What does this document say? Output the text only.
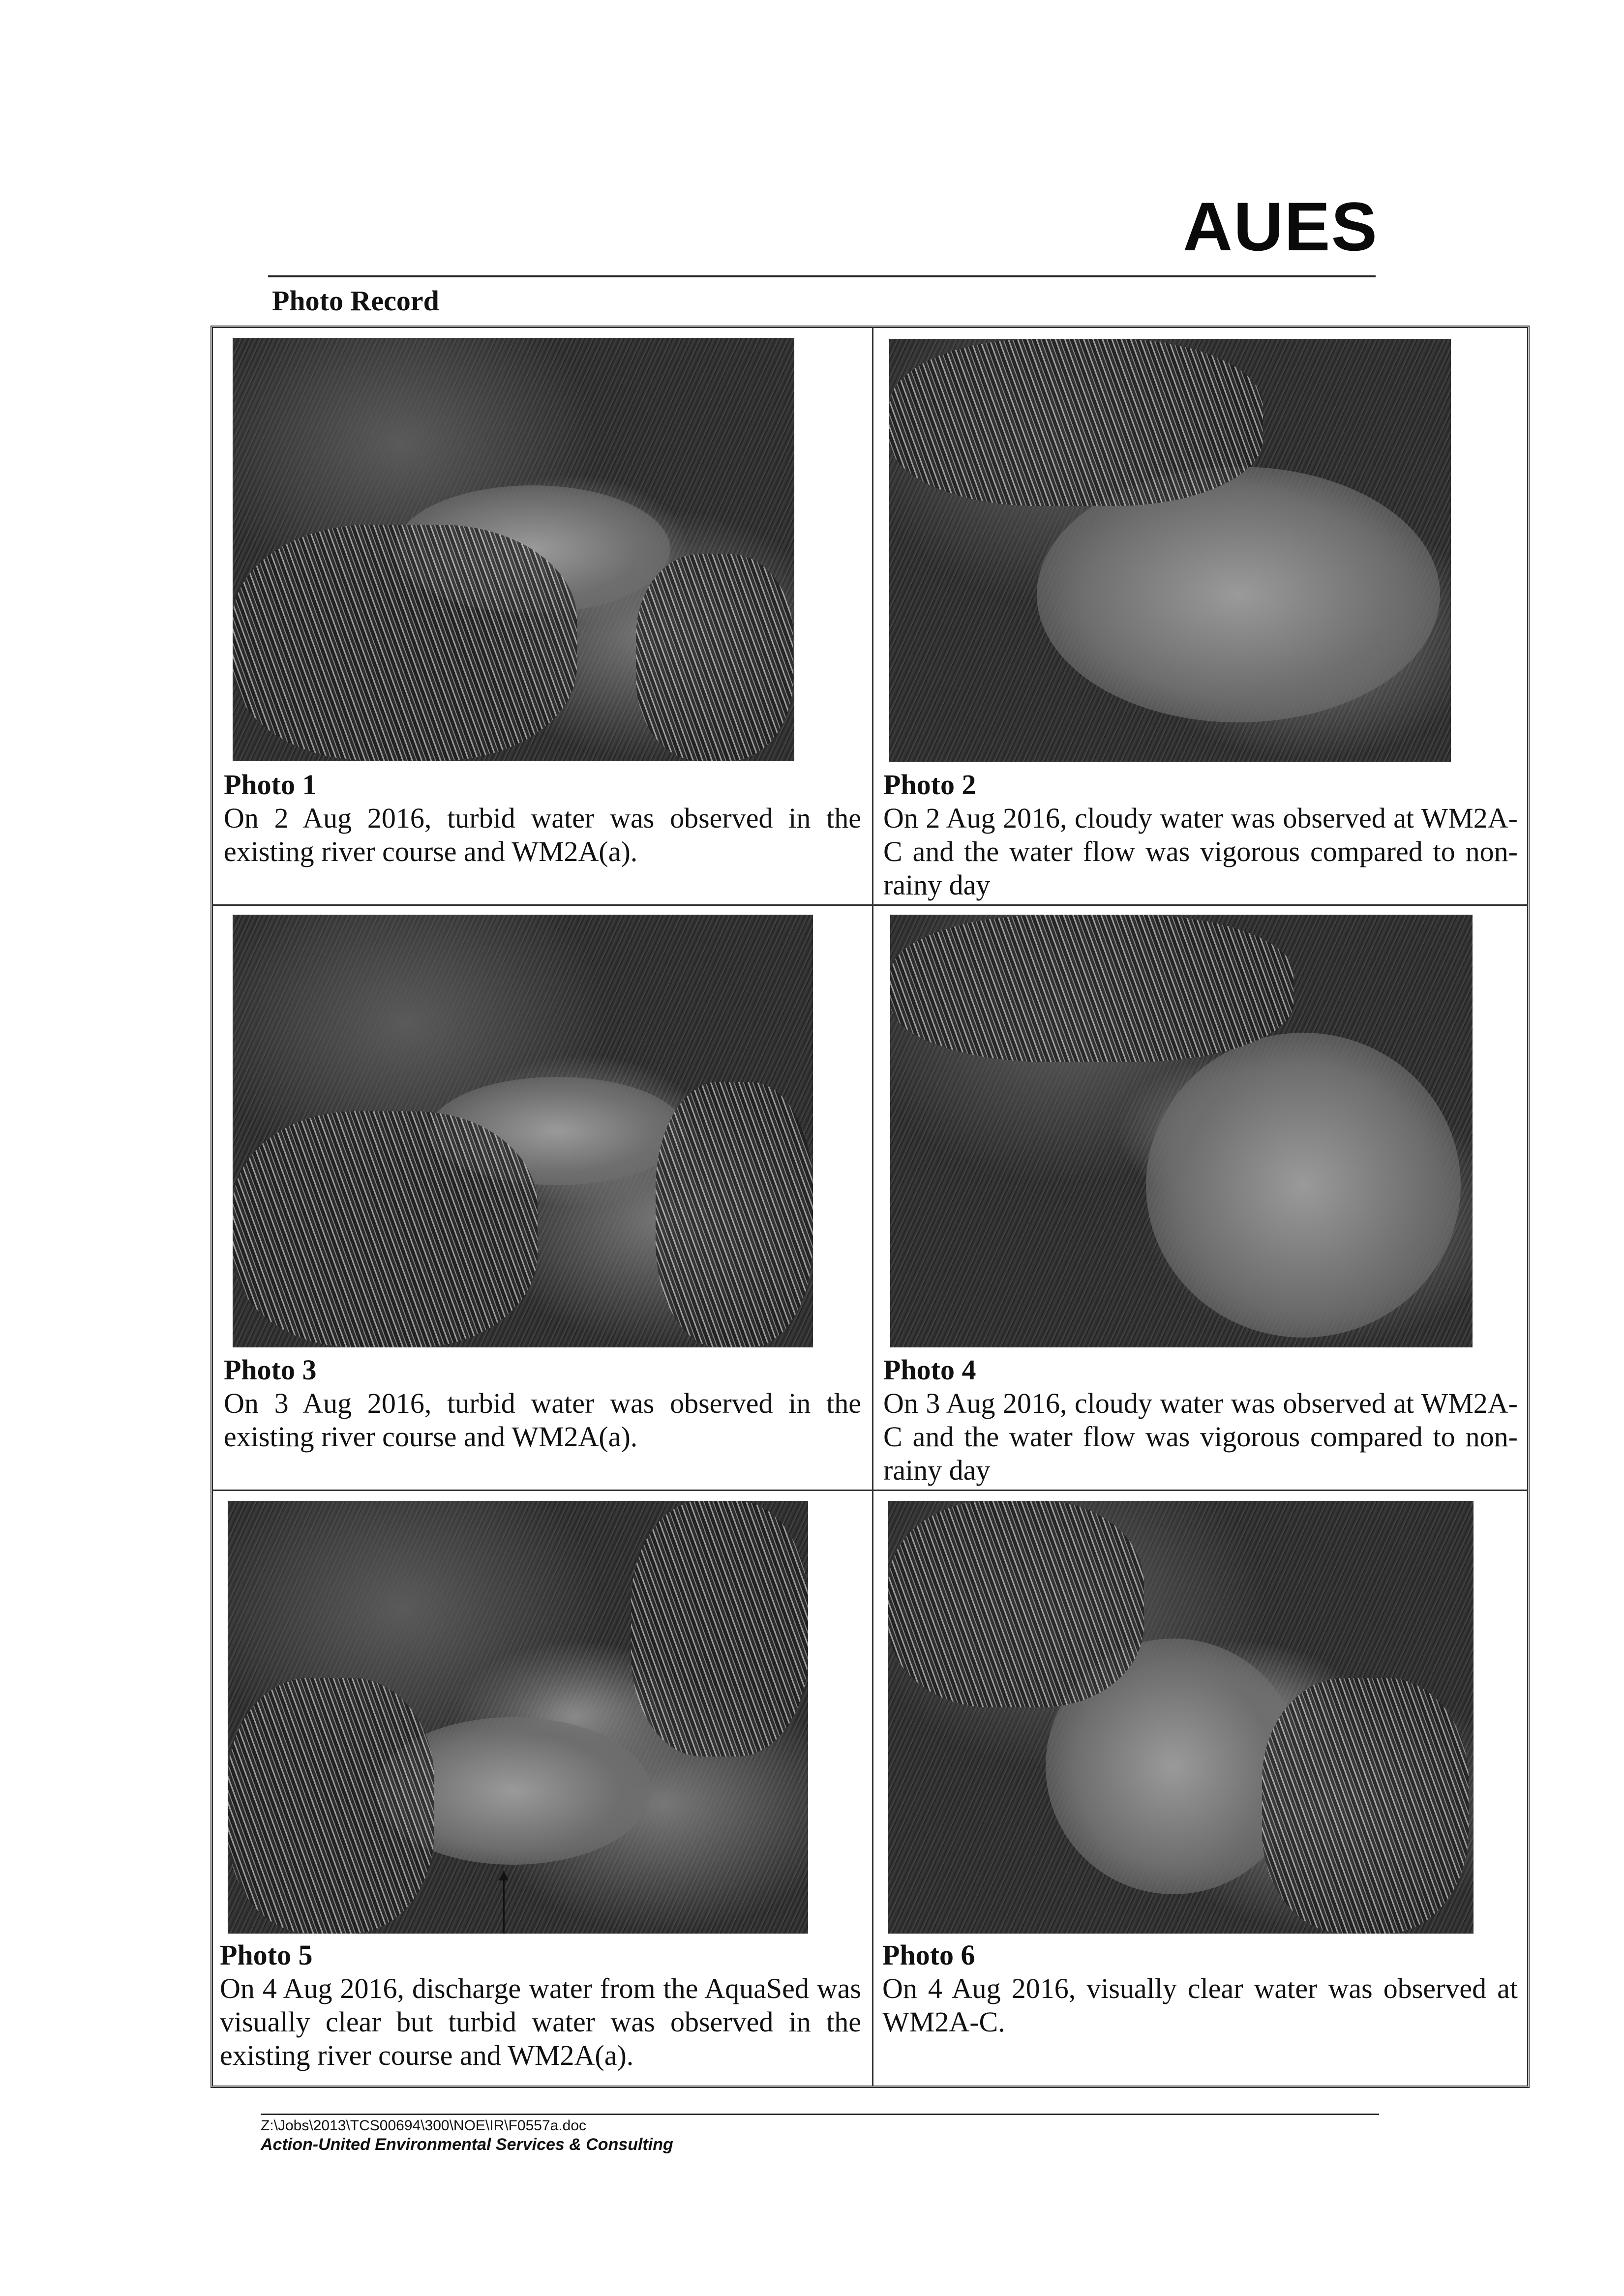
AUES
Photo Record
Photo 1
On 2 Aug 2016, turbid water was observed in the existing river course and WM2A(a).
Photo 2
On 2 Aug 2016, cloudy water was observed at WM2A-C and the water flow was vigorous compared to non-rainy day
Photo 3
On 3 Aug 2016, turbid water was observed in the existing river course and WM2A(a).
Photo 4
On 3 Aug 2016, cloudy water was observed at WM2A-C and the water flow was vigorous compared to non-rainy day
Photo 5
On 4 Aug 2016, discharge water from the AquaSed was visually clear but turbid water was observed in the existing river course and WM2A(a).
Photo 6
On 4 Aug 2016, visually clear water was observed at WM2A-C.
Z:\Jobs\2013\TCS00694\300\NOE\IR\F0557a.doc
Action-United Environmental Services & Consulting
